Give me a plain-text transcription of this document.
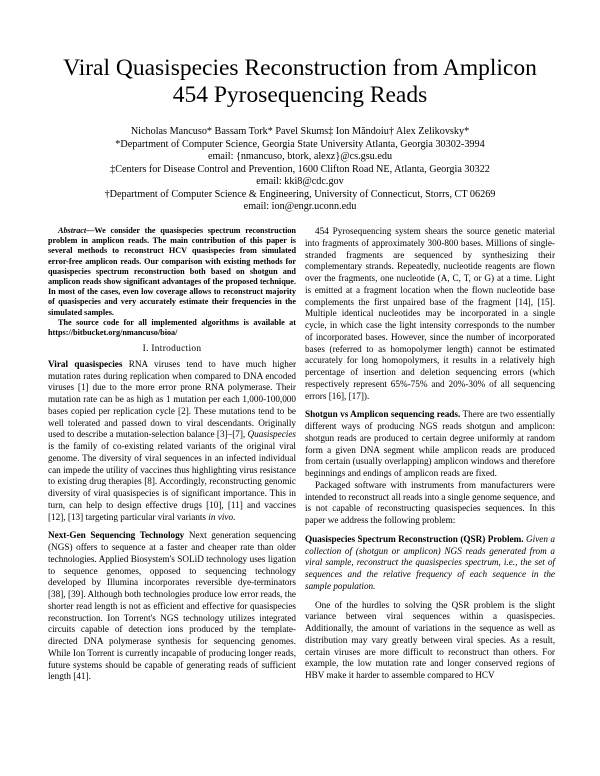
Viral Quasispecies Reconstruction from Amplicon
454 Pyrosequencing Reads
Nicholas Mancuso* Bassam Tork* Pavel Skums‡ Ion Măndoiu† Alex Zelikovsky*
*Department of Computer Science, Georgia State University Atlanta, Georgia 30302-3994
email: {nmancuso, btork, alexz}@cs.gsu.edu
‡Centers for Disease Control and Prevention, 1600 Clifton Road NE, Atlanta, Georgia 30322
email: kki8@cdc.gov
†Department of Computer Science & Engineering, University of Connecticut, Storrs, CT 06269
email: ion@engr.uconn.edu

Abstract—We consider the quasispecies spectrum reconstruction problem in amplicon reads. The main contribution of this paper is several methods to reconstruct HCV quasispecies from simulated error-free amplicon reads. Our comparison with existing methods for quasispecies spectrum reconstruction both based on shotgun and amplicon reads show significant advantages of the proposed technique. In most of the cases, even low coverage allows to reconstruct majority of quasispecies and very accurately estimate their frequencies in the simulated samples.

The source code for all implemented algorithms is available at https://bitbucket.org/nmancuso/bioa/

I. Introduction

Viral quasispecies RNA viruses tend to have much higher mutation rates during replication when compared to DNA encoded viruses [1] due to the more error prone RNA polymerase. Their mutation rate can be as high as 1 mutation per each 1,000-100,000 bases copied per replication cycle [2]. These mutations tend to be well tolerated and passed down to viral descendants. Originally used to describe a mutation-selection balance [3]–[7], Quasispecies is the family of co-existing related variants of the original viral genome. The diversity of viral sequences in an infected individual can impede the utility of vaccines thus highlighting virus resistance to existing drug therapies [8]. Accordingly, reconstructing genomic diversity of viral quasispecies is of significant importance. This in turn, can help to design effective drugs [10], [11] and vaccines [12], [13] targeting particular viral variants in vivo.

Next-Gen Sequencing Technology Next generation sequencing (NGS) offers to sequence at a faster and cheaper rate than older technologies. Applied Biosystem's SOLiD technology uses ligation to sequence genomes, opposed to sequencing technology developed by Illumina incorporates reversible dye-terminators [38], [39]. Although both technologies produce low error reads, the shorter read length is not as efficient and effective for quasispecies reconstruction. Ion Torrent's NGS technology utilizes integrated circuits capable of detection ions produced by the template-directed DNA polymerase synthesis for sequencing genomes. While Ion Torrent is currently incapable of producing longer reads, future systems should be capable of generating reads of sufficient length [41].

454 Pyrosequencing system shears the source genetic material into fragments of approximately 300-800 bases. Millions of single-stranded fragments are sequenced by synthesizing their complementary strands. Repeatedly, nucleotide reagents are flown over the fragments, one nucleotide (A, C, T, or G) at a time. Light is emitted at a fragment location when the flown nucleotide base complements the first unpaired base of the fragment [14], [15]. Multiple identical nucleotides may be incorporated in a single cycle, in which case the light intensity corresponds to the number of incorporated bases. However, since the number of incorporated bases (referred to as homopolymer length) cannot be estimated accurately for long homopolymers, it results in a relatively high percentage of insertion and deletion sequencing errors (which respectively represent 65%-75% and 20%-30% of all sequencing errors [16], [17]).

Shotgun vs Amplicon sequencing reads. There are two essentially different ways of producing NGS reads shotgun and amplicon: shotgun reads are produced to certain degree uniformly at random form a given DNA segment while amplicon reads are produced from certain (usually overlapping) amplicon windows and therefore beginnings and endings of amplicon reads are fixed.

Packaged software with instruments from manufacturers were intended to reconstruct all reads into a single genome sequence, and is not capable of reconstructing quasispecies sequences. In this paper we address the following problem:

Quasispecies Spectrum Reconstruction (QSR) Problem. Given a collection of (shotgun or amplicon) NGS reads generated from a viral sample, reconstruct the quasispecies spectrum, i.e., the set of sequences and the relative frequency of each sequence in the sample population.

One of the hurdles to solving the QSR problem is the slight variance between viral sequences within a quasispecies. Additionally, the amount of variations in the sequence as well as distribution may vary greatly between viral species. As a result, certain viruses are more difficult to reconstruct than others. For example, the low mutation rate and longer conserved regions of HBV make it harder to assemble compared to HCV
